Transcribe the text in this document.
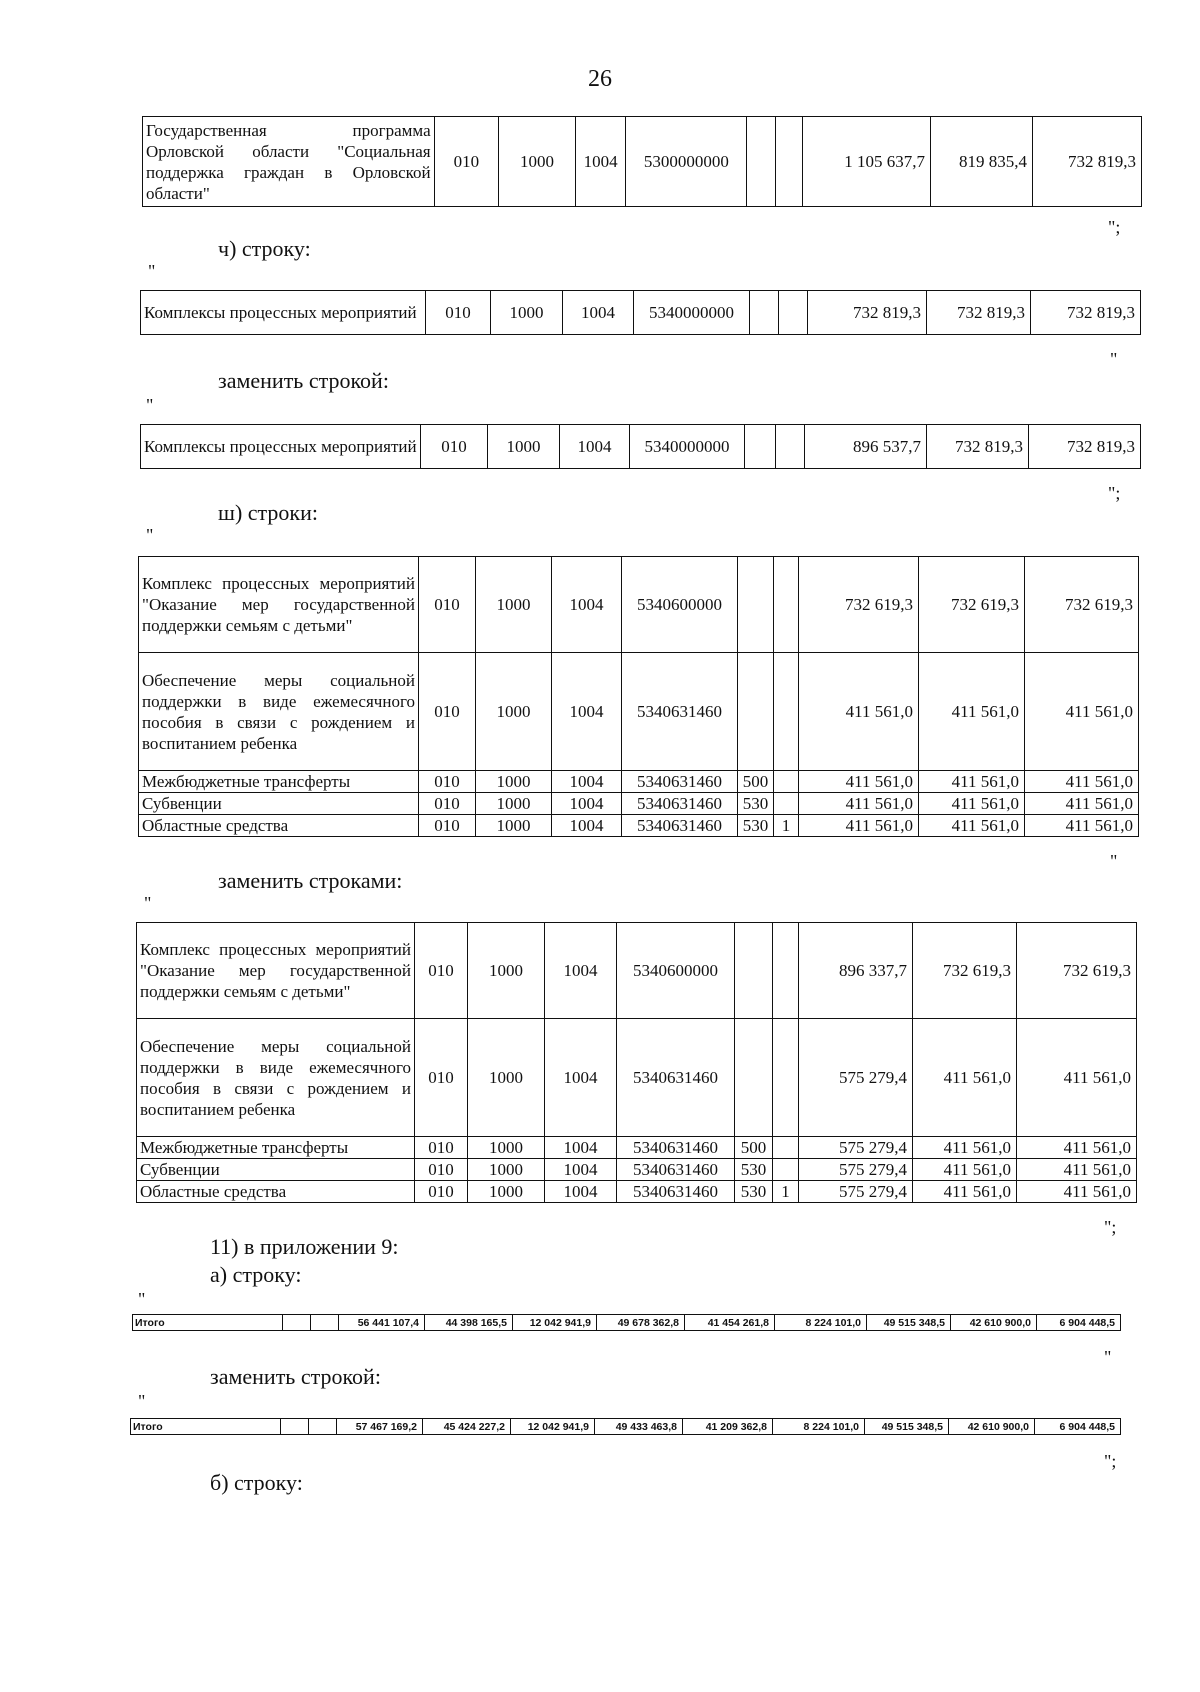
26
Государственная программа Орловской области "Социальная поддержка граждан в Орловской области"	010	1000	1004	5300000000			1 105 637,7	819 835,4	732 819,3
";
ч) строку:
"
Комплексы процессных мероприятий	010	1000	1004	5340000000			732 819,3	732 819,3	732 819,3
"
заменить строкой:
"
Комплексы процессных мероприятий	010	1000	1004	5340000000			896 537,7	732 819,3	732 819,3
";
ш) строки:
"
Комплекс процессных мероприятий "Оказание мер государственной поддержки семьям с детьми"	010	1000	1004	5340600000			732 619,3	732 619,3	732 619,3
Обеспечение меры социальной поддержки в виде ежемесячного пособия в связи с рождением и воспитанием ребенка	010	1000	1004	5340631460			411 561,0	411 561,0	411 561,0
Межбюджетные трансферты	010	1000	1004	5340631460	500		411 561,0	411 561,0	411 561,0
Субвенции	010	1000	1004	5340631460	530		411 561,0	411 561,0	411 561,0
Областные средства	010	1000	1004	5340631460	530	1	411 561,0	411 561,0	411 561,0
"
заменить строками:
"
Комплекс процессных мероприятий "Оказание мер государственной поддержки семьям с детьми"	010	1000	1004	5340600000			896 337,7	732 619,3	732 619,3
Обеспечение меры социальной поддержки в виде ежемесячного пособия в связи с рождением и воспитанием ребенка	010	1000	1004	5340631460			575 279,4	411 561,0	411 561,0
Межбюджетные трансферты	010	1000	1004	5340631460	500		575 279,4	411 561,0	411 561,0
Субвенции	010	1000	1004	5340631460	530		575 279,4	411 561,0	411 561,0
Областные средства	010	1000	1004	5340631460	530	1	575 279,4	411 561,0	411 561,0
";
11) в приложении 9:
а) строку:
"
Итого			56 441 107,4	44 398 165,5	12 042 941,9	49 678 362,8	41 454 261,8	8 224 101,0	49 515 348,5	42 610 900,0	6 904 448,5
"
заменить строкой:
"
Итого			57 467 169,2	45 424 227,2	12 042 941,9	49 433 463,8	41 209 362,8	8 224 101,0	49 515 348,5	42 610 900,0	6 904 448,5
";
б) строку:
